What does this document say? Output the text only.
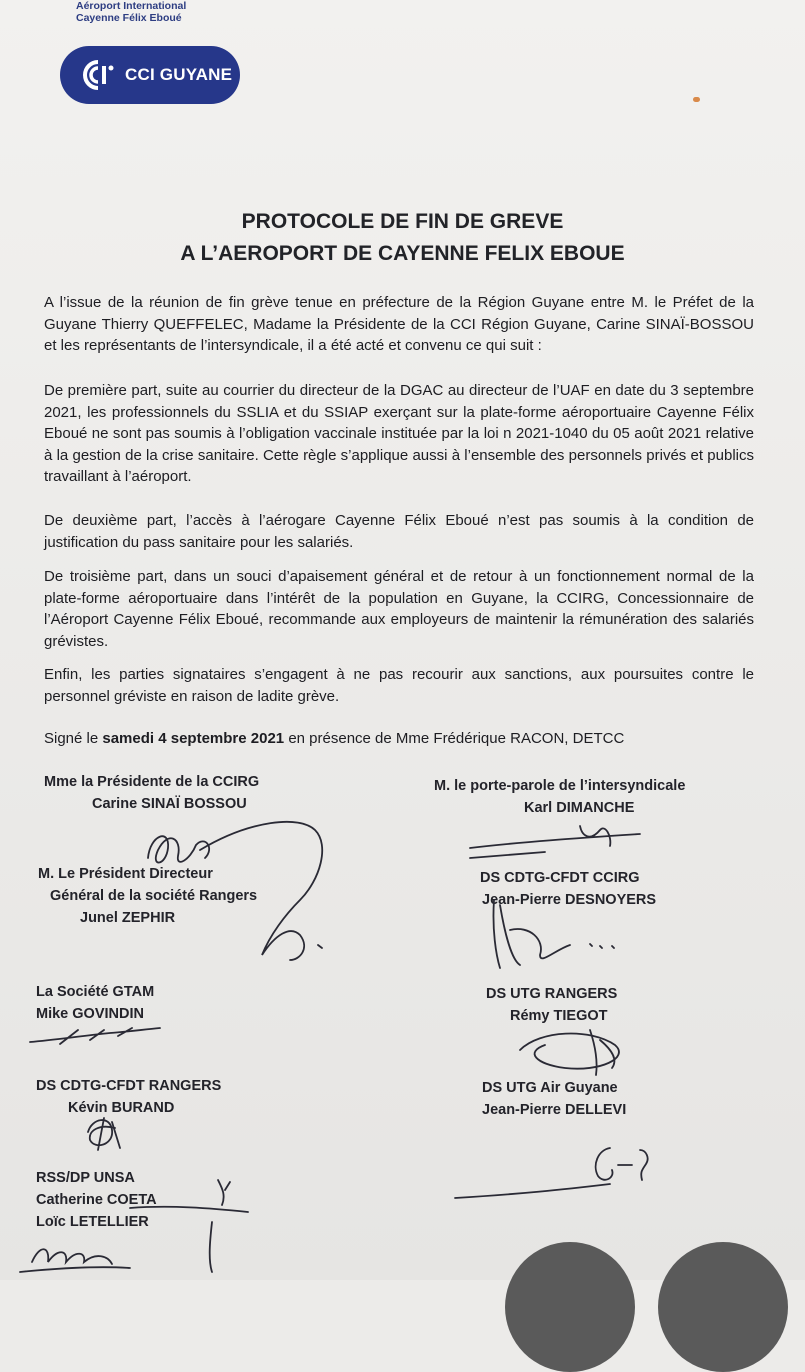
Aéroport International
Cayenne Félix Eboué
CCI GUYANE
PROTOCOLE DE FIN DE GREVE
A L’AEROPORT DE CAYENNE FELIX EBOUE

A l’issue de la réunion de fin grève tenue en préfecture de la Région Guyane entre M. le Préfet de la Guyane Thierry QUEFFELEC, Madame la Présidente de la CCI Région Guyane, Carine SINAÏ-BOSSOU et les représentants de l’intersyndicale, il a été acté et convenu ce qui suit :

De première part, suite au courrier du directeur de la DGAC au directeur de l’UAF en date du 3 septembre 2021, les professionnels du SSLIA et du SSIAP exerçant sur la plate-forme aéroportuaire Cayenne Félix Eboué ne sont pas soumis à l’obligation vaccinale instituée par la loi n 2021-1040 du 05 août 2021 relative à la gestion de la crise sanitaire. Cette règle s’applique aussi à l’ensemble des personnels privés et publics travaillant à l’aéroport.

De deuxième part, l’accès à l’aérogare Cayenne Félix Eboué n’est pas soumis à la condition de justification du pass sanitaire pour les salariés.

De troisième part, dans un souci d’apaisement général et de retour à un fonctionnement normal de la plate-forme aéroportuaire dans l’intérêt de la population en Guyane, la CCIRG, Concessionnaire de l’Aéroport Cayenne Félix Eboué, recommande aux employeurs de maintenir la rémunération des salariés grévistes.

Enfin, les parties signataires s’engagent à ne pas recourir aux sanctions, aux poursuites contre le personnel gréviste en raison de ladite grève.

Signé le samedi 4 septembre 2021 en présence de Mme Frédérique RACON, DETCC

Mme la Présidente de la CCIRG
Carine SINAÏ BOSSOU
M. Le Président Directeur
Général de la société Rangers
Junel ZEPHIR
La Société GTAM
Mike GOVINDIN
DS CDTG-CFDT RANGERS
Kévin BURAND
RSS/DP UNSA
Catherine COETA
Loïc LETELLIER
M. le porte-parole de l’intersyndicale
Karl DIMANCHE
DS CDTG-CFDT CCIRG
Jean-Pierre DESNOYERS
DS UTG RANGERS
Rémy TIEGOT
DS UTG Air Guyane
Jean-Pierre DELLEVI
